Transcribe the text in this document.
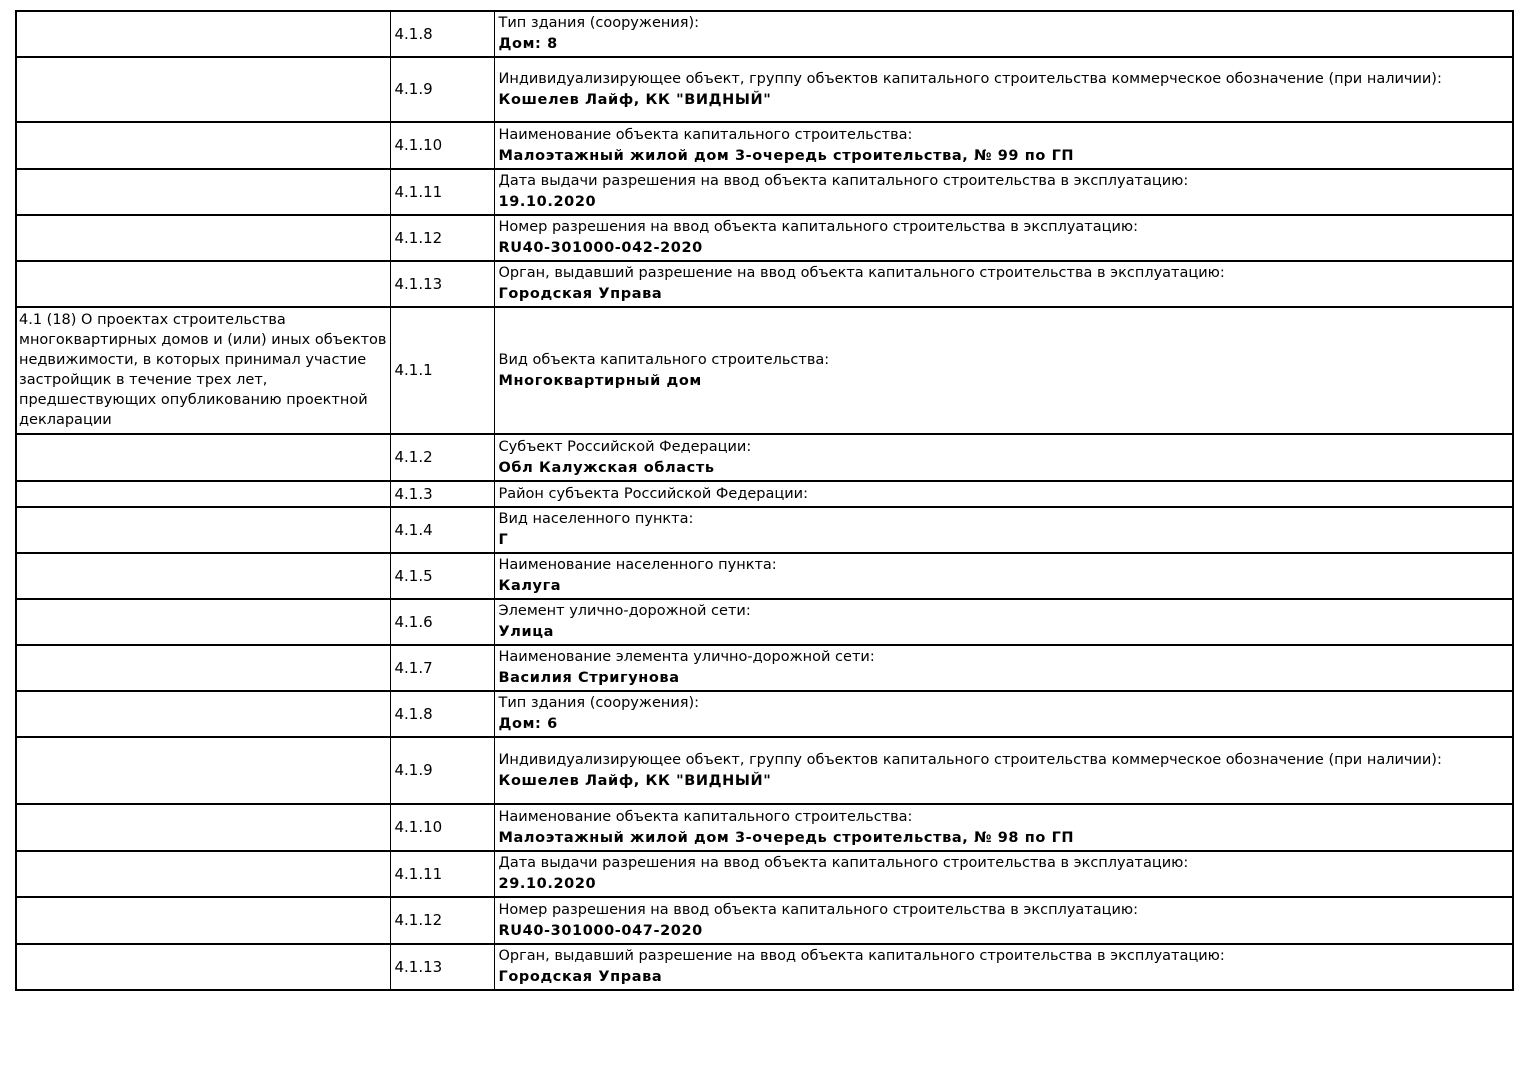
	4.1.8	Тип здания (сооружения):
Дом: 8

	4.1.9	Индивидуализирующее объект, группу объектов капитального строительства коммерческое обозначение (при наличии):
Кошелев Лайф, КК "ВИДНЫЙ"

	4.1.10	Наименование объекта капитального строительства:
Малоэтажный жилой дом 3-очередь строительства, № 99 по ГП

	4.1.11	Дата выдачи разрешения на ввод объекта капитального строительства в эксплуатацию:
19.10.2020

	4.1.12	Номер разрешения на ввод объекта капитального строительства в эксплуатацию:
RU40-301000-042-2020

	4.1.13	Орган, выдавший разрешение на ввод объекта капитального строительства в эксплуатацию:
Городская Управа

4.1 (18) О проектах строительства многоквартирных домов и (или) иных объектов недвижимости, в которых принимал участие застройщик в течение трех лет, предшествующих опубликованию проектной декларации	4.1.1	Вид объекта капитального строительства:
Многоквартирный дом

	4.1.2	Субъект Российской Федерации:
Обл Калужская область

	4.1.3	Район субъекта Российской Федерации:

	4.1.4	Вид населенного пункта:
Г

	4.1.5	Наименование населенного пункта:
Калуга

	4.1.6	Элемент улично-дорожной сети:
Улица

	4.1.7	Наименование элемента улично-дорожной сети:
Василия Стригунова

	4.1.8	Тип здания (сооружения):
Дом: 6

	4.1.9	Индивидуализирующее объект, группу объектов капитального строительства коммерческое обозначение (при наличии):
Кошелев Лайф, КК "ВИДНЫЙ"

	4.1.10	Наименование объекта капитального строительства:
Малоэтажный жилой дом 3-очередь строительства, № 98 по ГП

	4.1.11	Дата выдачи разрешения на ввод объекта капитального строительства в эксплуатацию:
29.10.2020

	4.1.12	Номер разрешения на ввод объекта капитального строительства в эксплуатацию:
RU40-301000-047-2020

	4.1.13	Орган, выдавший разрешение на ввод объекта капитального строительства в эксплуатацию:
Городская Управа
